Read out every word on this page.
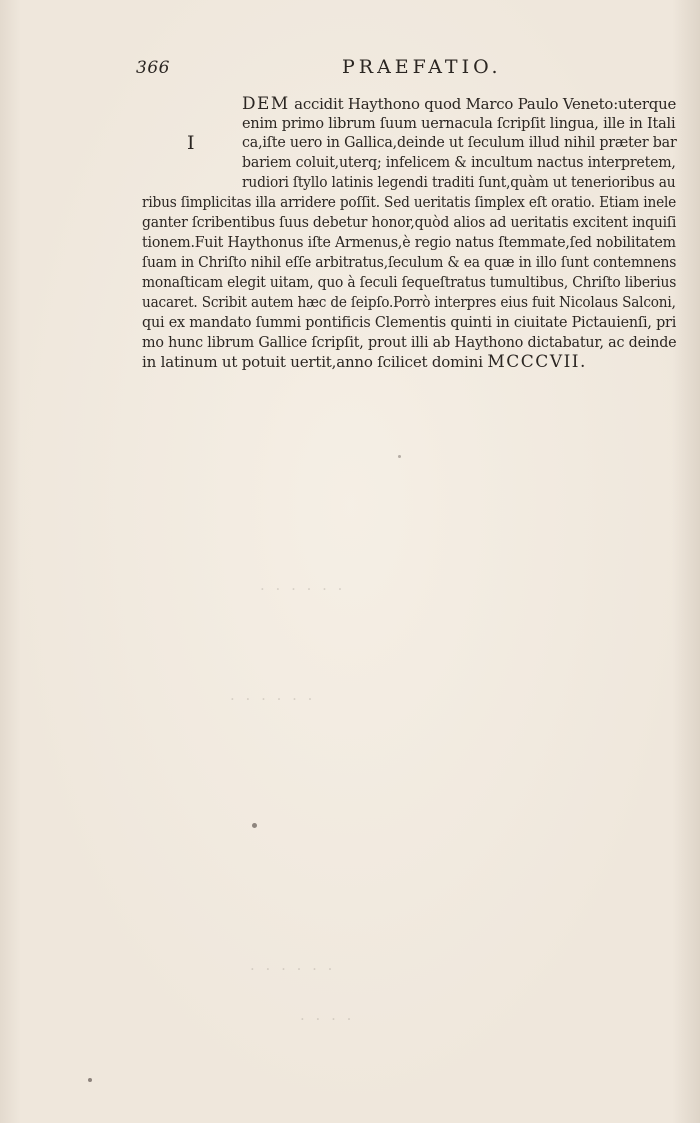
366	PRAEFATIO.
I
DEM accidit Haythono quod Marco Paulo Veneto:uterque
enim primo librum ſuum uernacula ſcripſit lingua, ille in Itali
ca,iſte uero in Gallica,deinde ut ſeculum illud nihil præter bar
bariem coluit,uterq; infelicem & incultum nactus interpretem,
rudiori ſtyllo latinis legendi traditi ſunt,quàm ut tenerioribus au
ribus ſimplicitas illa arridere poſſit. Sed ueritatis ſimplex eſt oratio. Etiam inele
ganter ſcribentibus ſuus debetur honor,quòd alios ad ueritatis excitent inquiſi
tionem.Fuit Haythonus iſte Armenus,è regio natus ſtemmate,ſed nobilitatem
ſuam in Chriſto nihil eſſe arbitratus,ſeculum & ea quæ in illo ſunt contemnens
monaſticam elegit uitam, quo à ſeculi ſequeſtratus tumultibus, Chriſto liberius
uacaret. Scribit autem hæc de ſeipſo.Porrò interpres eius fuit Nicolaus Salconi,
qui ex mandato ſummi pontificis Clementis quinti in ciuitate Pictauienſi, pri
mo hunc librum Gallice ſcripſit, prout illi ab Haythono dictabatur, ac deinde
in latinum ut potuit uertit,anno ſcilicet domini MCCCVII.
· · · · · ·
· · · · · ·
· · · · · ·
· · · ·
